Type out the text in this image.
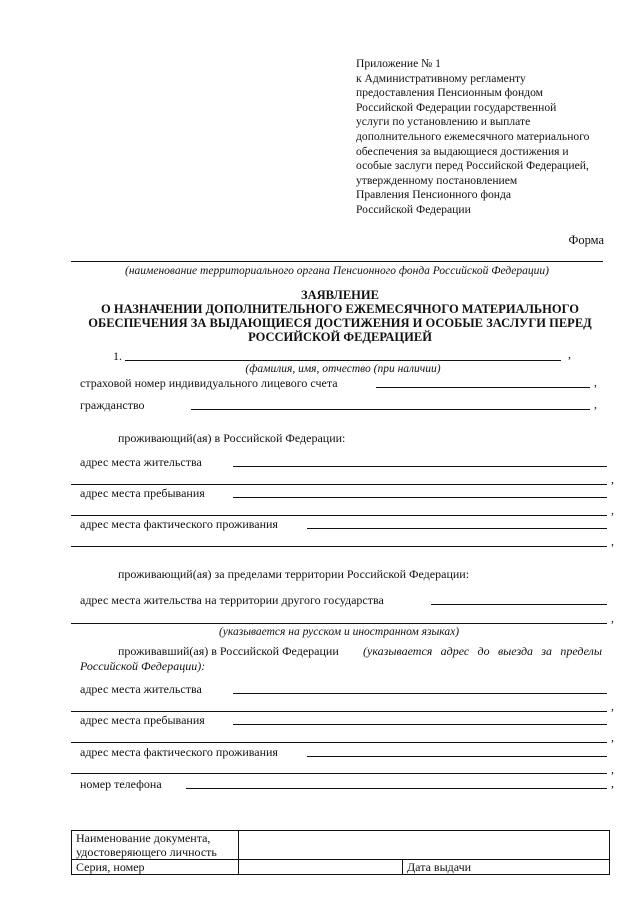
Приложение № 1
к Административному регламенту
предоставления Пенсионным фондом
Российской Федерации государственной
услуги по установлению и выплате
дополнительного ежемесячного материального
обеспечения за выдающиеся достижения и
особые заслуги перед Российской Федерацией,
утвержденному постановлением
Правления Пенсионного фонда
Российской Федерации
Форма
(наименование территориального органа Пенсионного фонда Российской Федерации)
ЗАЯВЛЕНИЕ
О НАЗНАЧЕНИИ ДОПОЛНИТЕЛЬНОГО ЕЖЕМЕСЯЧНОГО МАТЕРИАЛЬНОГО
ОБЕСПЕЧЕНИЯ ЗА ВЫДАЮЩИЕСЯ ДОСТИЖЕНИЯ И ОСОБЫЕ ЗАСЛУГИ ПЕРЕД
РОССИЙСКОЙ ФЕДЕРАЦИЕЙ
1.	,
(фамилия, имя, отчество (при наличии)
страховой номер индивидуального лицевого счета	,
гражданство	,
проживающий(ая) в Российской Федерации:
адрес места жительства
,
адрес места пребывания
,
адрес места фактического проживания
,
проживающий(ая) за пределами территории Российской Федерации:
адрес места жительства на территории другого государства
,
(указывается на русском и иностранном языках)
проживавший(ая) в Российской Федерации	(указывается адрес до выезда за пределы Российской Федерации):
адрес места жительства
,
адрес места пребывания
,
адрес места фактического проживания
,
номер телефона	,
Наименование документа, удостоверяющего личность		
Серия, номер		Дата выдачи
